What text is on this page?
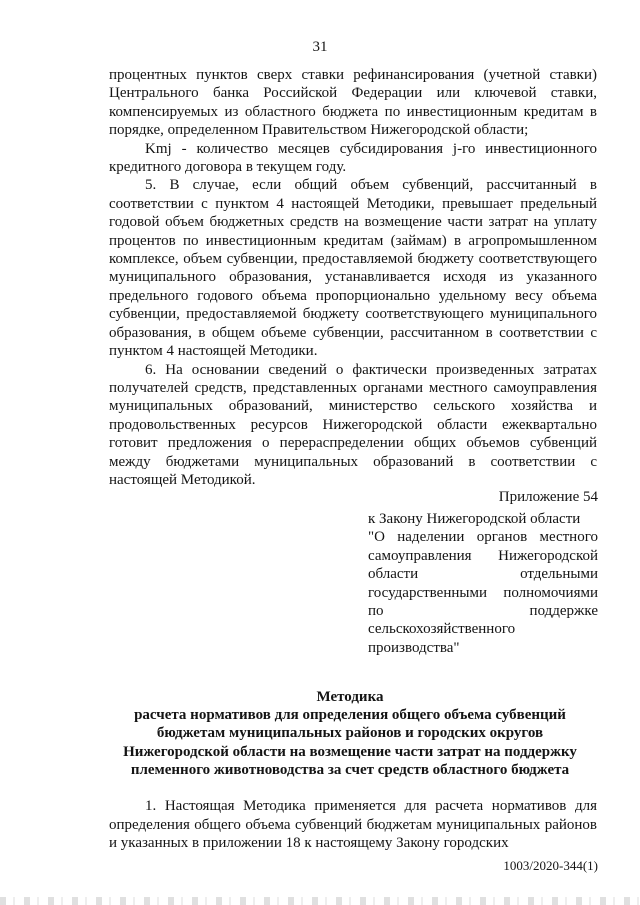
31

процентных пунктов сверх ставки рефинансирования (учетной ставки) Центрального банка Российской Федерации или ключевой ставки, компенсируемых из областного бюджета по инвестиционным кредитам в порядке, определенном Правительством Нижегородской области;

Kmj - количество месяцев субсидирования j-го инвестиционного кредитного договора в текущем году.

5. В случае, если общий объем субвенций, рассчитанный в соответствии с пунктом 4 настоящей Методики, превышает предельный годовой объем бюджетных средств на возмещение части затрат на уплату процентов по инвестиционным кредитам (займам) в агропромышленном комплексе, объем субвенции, предоставляемой бюджету соответствующего муниципального образования, устанавливается исходя из указанного предельного годового объема пропорционально удельному весу объема субвенции, предоставляемой бюджету соответствующего муниципального образования, в общем объеме субвенции, рассчитанном в соответствии с пунктом 4 настоящей Методики.

6. На основании сведений о фактически произведенных затратах получателей средств, представленных органами местного самоуправления муниципальных образований, министерство сельского хозяйства и продовольственных ресурсов Нижегородской области ежеквартально готовит предложения о перераспределении общих объемов субвенций между бюджетами муниципальных образований в соответствии с настоящей Методикой.

Приложение 54

к Закону Нижегородской области

"О наделении органов местного самоуправления Нижегородской области отдельными государственными полномочиями по поддержке сельскохозяйственного производства"

Методика
расчета нормативов для определения общего объема субвенций
бюджетам муниципальных районов и городских округов
Нижегородской области на возмещение части затрат на поддержку
племенного животноводства за счет средств областного бюджета

1. Настоящая Методика применяется для расчета нормативов для определения общего объема субвенций бюджетам муниципальных районов и указанных в приложении 18 к настоящему Закону городских

1003/2020-344(1)
